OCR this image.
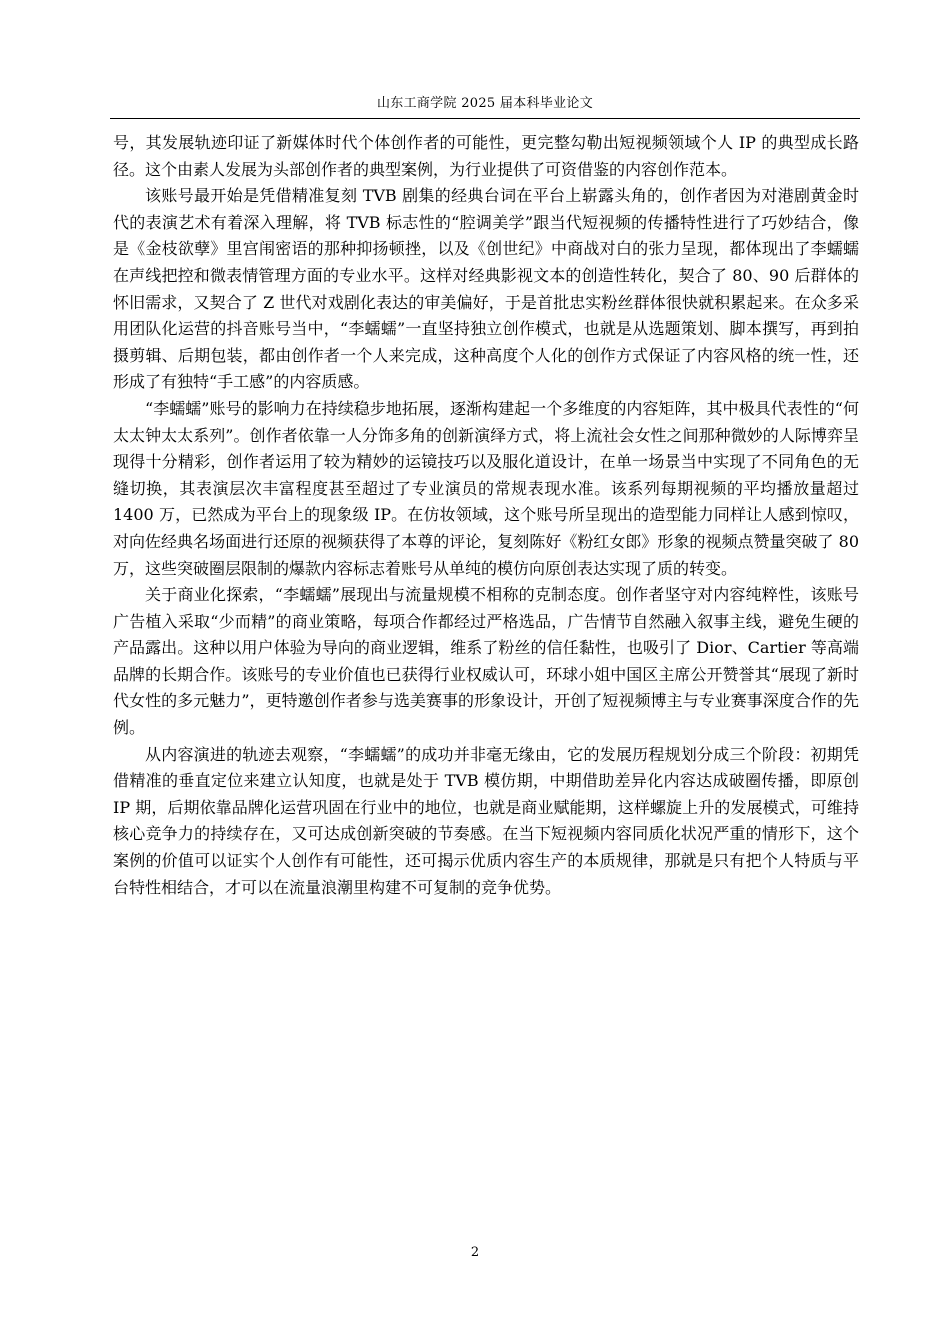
山东工商学院 2025 届本科毕业论文

号，其发展轨迹印证了新媒体时代个体创作者的可能性，更完整勾勒出短视频领域个人 IP 的典型成长路径。这个由素人发展为头部创作者的典型案例，为行业提供了可资借鉴的内容创作范本。

该账号最开始是凭借精准复刻 TVB 剧集的经典台词在平台上崭露头角的，创作者因为对港剧黄金时代的表演艺术有着深入理解，将 TVB 标志性的“腔调美学”跟当代短视频的传播特性进行了巧妙结合，像是《金枝欲孽》里宫闱密语的那种抑扬顿挫，以及《创世纪》中商战对白的张力呈现，都体现出了李蠕蠕在声线把控和微表情管理方面的专业水平。这样对经典影视文本的创造性转化，契合了 80、90 后群体的怀旧需求，又契合了 Z 世代对戏剧化表达的审美偏好，于是首批忠实粉丝群体很快就积累起来。在众多采用团队化运营的抖音账号当中，“李蠕蠕”一直坚持独立创作模式，也就是从选题策划、脚本撰写，再到拍摄剪辑、后期包装，都由创作者一个人来完成，这种高度个人化的创作方式保证了内容风格的统一性，还形成了有独特“手工感”的内容质感。

“李蠕蠕”账号的影响力在持续稳步地拓展，逐渐构建起一个多维度的内容矩阵，其中极具代表性的“何太太钟太太系列”。创作者依靠一人分饰多角的创新演绎方式，将上流社会女性之间那种微妙的人际博弈呈现得十分精彩，创作者运用了较为精妙的运镜技巧以及服化道设计，在单一场景当中实现了不同角色的无缝切换，其表演层次丰富程度甚至超过了专业演员的常规表现水准。该系列每期视频的平均播放量超过 1400 万，已然成为平台上的现象级 IP。在仿妆领域，这个账号所呈现出的造型能力同样让人感到惊叹，对向佐经典名场面进行还原的视频获得了本尊的评论，复刻陈好《粉红女郎》形象的视频点赞量突破了 80 万，这些突破圈层限制的爆款内容标志着账号从单纯的模仿向原创表达实现了质的转变。

关于商业化探索，“李蠕蠕”展现出与流量规模不相称的克制态度。创作者坚守对内容纯粹性，该账号广告植入采取“少而精”的商业策略，每项合作都经过严格选品，广告情节自然融入叙事主线，避免生硬的产品露出。这种以用户体验为导向的商业逻辑，维系了粉丝的信任黏性，也吸引了 Dior、Cartier 等高端品牌的长期合作。该账号的专业价值也已获得行业权威认可，环球小姐中国区主席公开赞誉其“展现了新时代女性的多元魅力”，更特邀创作者参与选美赛事的形象设计，开创了短视频博主与专业赛事深度合作的先例。

从内容演进的轨迹去观察，“李蠕蠕”的成功并非毫无缘由，它的发展历程规划分成三个阶段：初期凭借精准的垂直定位来建立认知度，也就是处于 TVB 模仿期，中期借助差异化内容达成破圈传播，即原创 IP 期，后期依靠品牌化运营巩固在行业中的地位，也就是商业赋能期，这样螺旋上升的发展模式，可维持核心竞争力的持续存在，又可达成创新突破的节奏感。在当下短视频内容同质化状况严重的情形下，这个案例的价值可以证实个人创作有可能性，还可揭示优质内容生产的本质规律，那就是只有把个人特质与平台特性相结合，才可以在流量浪潮里构建不可复制的竞争优势。

2
